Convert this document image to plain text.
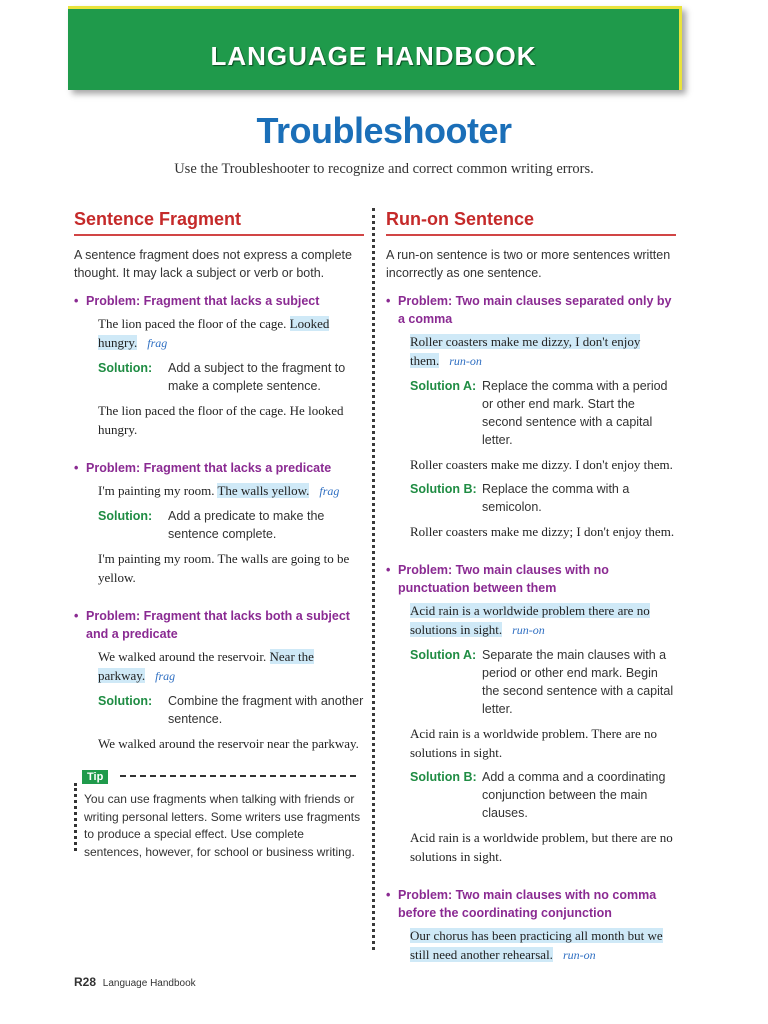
LANGUAGE HANDBOOK
Troubleshooter
Use the Troubleshooter to recognize and correct common writing errors.
Sentence Fragment

A sentence fragment does not express a complete thought. It may lack a subject or verb or both.

• Problem: Fragment that lacks a subject
The lion paced the floor of the cage. Looked hungry. frag
Solution: Add a subject to the fragment to make a complete sentence.
The lion paced the floor of the cage. He looked hungry.
• Problem: Fragment that lacks a predicate
I'm painting my room. The walls yellow. frag
Solution: Add a predicate to make the sentence complete.
I'm painting my room. The walls are going to be yellow.
• Problem: Fragment that lacks both a subject and a predicate
We walked around the reservoir. Near the parkway. frag
Solution: Combine the fragment with another sentence.
We walked around the reservoir near the parkway.
Tip
You can use fragments when talking with friends or writing personal letters. Some writers use fragments to produce a special effect. Use complete sentences, however, for school or business writing.
Run-on Sentence

A run-on sentence is two or more sentences written incorrectly as one sentence.

• Problem: Two main clauses separated only by a comma
Roller coasters make me dizzy, I don't enjoy them. run-on
Solution A: Replace the comma with a period or other end mark. Start the second sentence with a capital letter.
Roller coasters make me dizzy. I don't enjoy them.
Solution B: Replace the comma with a semicolon.
Roller coasters make me dizzy; I don't enjoy them.
• Problem: Two main clauses with no punctuation between them
Acid rain is a worldwide problem there are no solutions in sight. run-on
Solution A: Separate the main clauses with a period or other end mark. Begin the second sentence with a capital letter.
Acid rain is a worldwide problem. There are no solutions in sight.
Solution B: Add a comma and a coordinating conjunction between the main clauses.
Acid rain is a worldwide problem, but there are no solutions in sight.
• Problem: Two main clauses with no comma before the coordinating conjunction
Our chorus has been practicing all month but we still need another rehearsal. run-on
R28 Language Handbook
